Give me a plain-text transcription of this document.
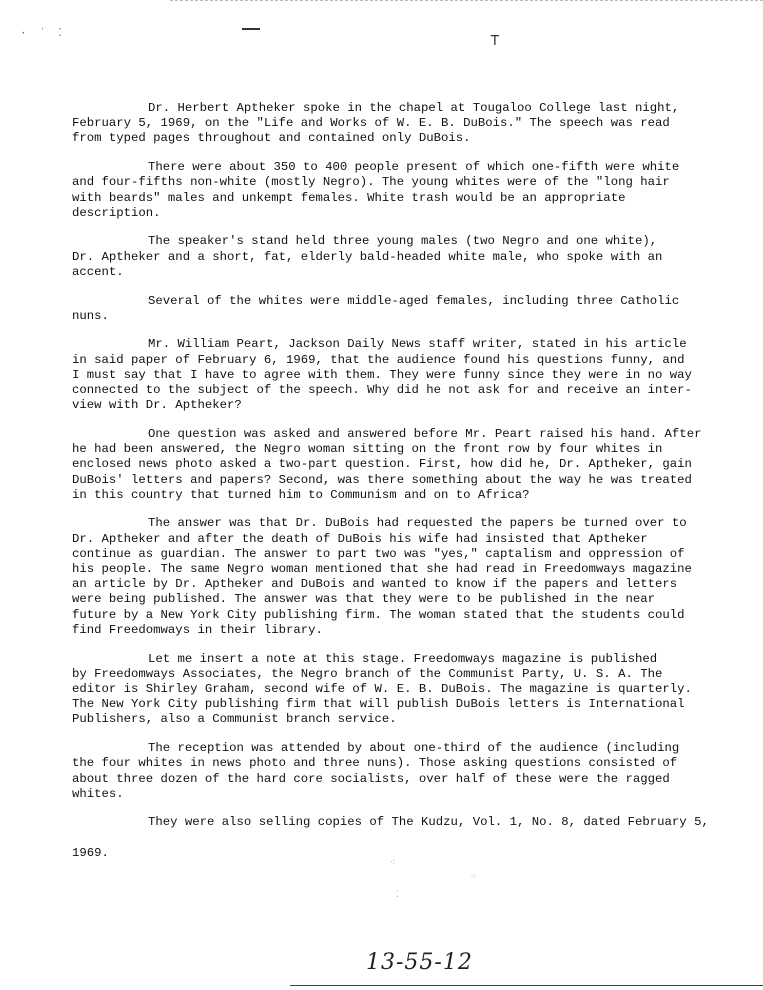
· ˈ ⁚	⊤

Dr. Herbert Aptheker spoke in the chapel at Tougaloo College last night,
February 5, 1969, on the "Life and Works of W. E. B. DuBois." The speech was read
from typed pages throughout and contained only DuBois.

There were about 350 to 400 people present of which one-fifth were white
and four-fifths non-white (mostly Negro). The young whites were of the "long hair
with beards" males and unkempt females. White trash would be an appropriate
description.

The speaker's stand held three young males (two Negro and one white),
Dr. Aptheker and a short, fat, elderly bald-headed white male, who spoke with an
accent.

Several of the whites were middle-aged females, including three Catholic
nuns.

Mr. William Peart, Jackson Daily News staff writer, stated in his article
in said paper of February 6, 1969, that the audience found his questions funny, and
I must say that I have to agree with them. They were funny since they were in no way
connected to the subject of the speech. Why did he not ask for and receive an inter-
view with Dr. Aptheker?

One question was asked and answered before Mr. Peart raised his hand. After
he had been answered, the Negro woman sitting on the front row by four whites in
enclosed news photo asked a two-part question. First, how did he, Dr. Aptheker, gain
DuBois' letters and papers? Second, was there something about the way he was treated
in this country that turned him to Communism and on to Africa?

The answer was that Dr. DuBois had requested the papers be turned over to
Dr. Aptheker and after the death of DuBois his wife had insisted that Aptheker
continue as guardian. The answer to part two was "yes," captalism and oppression of
his people. The same Negro woman mentioned that she had read in Freedomways magazine
an article by Dr. Aptheker and DuBois and wanted to know if the papers and letters
were being published. The answer was that they were to be published in the near
future by a New York City publishing firm. The woman stated that the students could
find Freedomways in their library.

Let me insert a note at this stage. Freedomways magazine is published
by Freedomways Associates, the Negro branch of the Communist Party, U. S. A. The
editor is Shirley Graham, second wife of W. E. B. DuBois. The magazine is quarterly.
The New York City publishing firm that will publish DuBois letters is International
Publishers, also a Communist branch service.

The reception was attended by about one-third of the audience (including
the four whites in news photo and three nuns). Those asking questions consisted of
about three dozen of the hard core socialists, over half of these were the ragged
whites.

They were also selling copies of The Kudzu, Vol. 1, No. 8, dated February 5,

1969.

⁖
⁘
⁚
13-55-12
